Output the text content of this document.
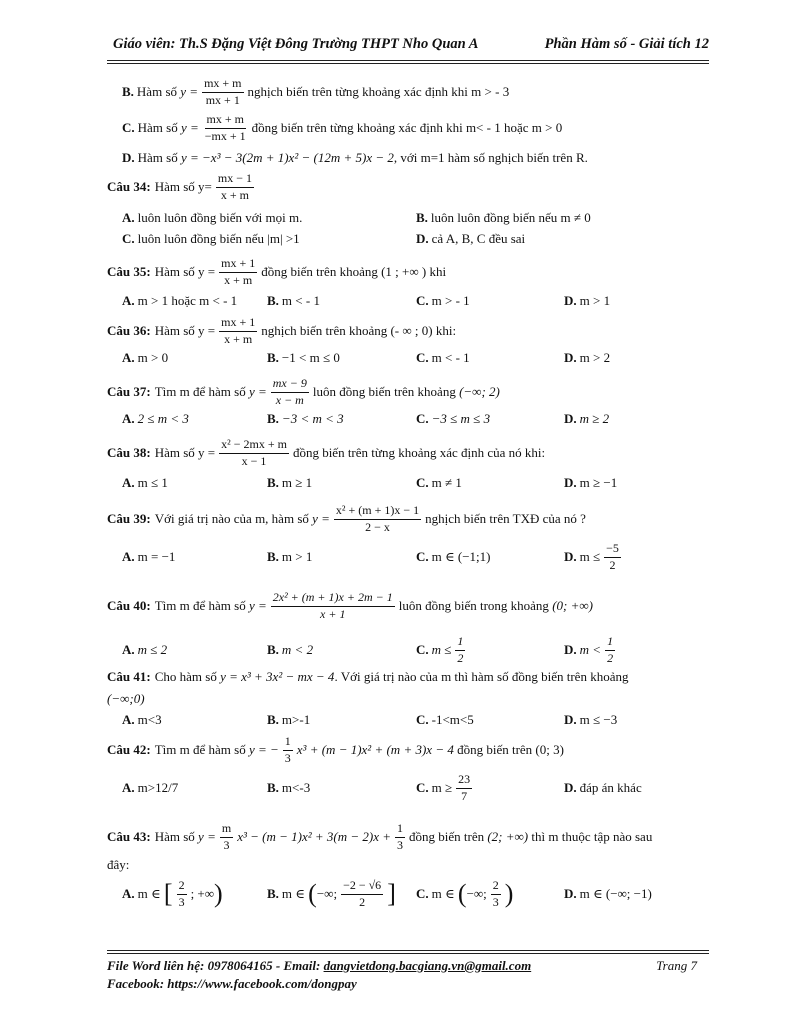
Giáo viên: Th.S Đặng Việt Đông Trường THPT Nho Quan A	Phần Hàm số - Giải tích 12
B. Hàm số
$y = \frac{mx + m}{mx + 1}$ nghịch biến trên từng khoảng xác định khi m > - 3
C. Hàm số
$y = \frac{mx + m}{-mx + 1}$ đồng biến trên từng khoảng xác định khi m< - 1 hoặc m > 0
D. Hàm số
y = −x³ − 3(2m + 1)x² − (12m + 5)x − 2 , với m=1 hàm số nghịch biến trên R.
Câu 34: Hàm số $y= \frac{mx - 1}{x + m}$
A. luôn luôn đồng biến với mọi m.	B. luôn luôn đồng biến nếu m ≠ 0
C. luôn luôn đồng biến nếu |m| >1	D. cả A, B, C đều sai
Câu 35: Hàm số $y = \frac{mx + 1}{x + m}$ đồng biến trên khoảng (1 ; +∞ ) khi
A. m > 1 hoặc m < - 1 B. m < - 1	C. m > - 1	D. m > 1
Câu 36: Hàm số $y = \frac{mx + 1}{x + m}$ nghịch biến trên khoảng (- ∞ ; 0) khi:
A. m > 0	B. −1 < m ≤ 0	C. m < - 1	D. m > 2
Câu 37: Tìm m để hàm số
$y = \frac{mx - 9}{x - m}$ luôn đồng biến trên khoảng
(−∞; 2)
A. 2 ≤ m < 3	B. −3 < m < 3	C. −3 ≤ m ≤ 3	D. m ≥ 2
Câu 38: Hàm số $y = \frac{\text{x² − 2mx + m}}{x - 1}$ đồng biến trên từng khoảng xác định của nó khi:
A. m ≤ 1	B. m ≥ 1	C. m ≠ 1	D. m ≥ −1
Câu 39: Với giá trị nào của m, hàm số
$y = \frac{\text{x² + (m + 1)x − 1}}{2 - x}$ nghịch biến trên TXĐ của nó ?
A. m = −1	B. m > 1	C. m ∈ (−1;1)	D. $m \le \frac{-5}{2}$
Câu 40: Tìm m để hàm số
$y = \frac{\text{2x² + (m + 1)x + 2m − 1}}{x + 1}$ luôn đồng biến trong khoảng
(0; +∞)
A. m ≤ 2	B. m < 2	C. $m \le \frac{1}{2}$	D. $m < \frac{1}{2}$
Câu 41: Cho hàm số
y = x³ + 3x² − mx − 4 . Với giá trị nào của m thì hàm số đồng biến trên khoảng
(−∞;0)
A. m<3	B. m>-1	C. -1<m<5	D. m ≤ −3
Câu 42: Tìm m để hàm số
y = − $\frac{1}{3} x^3 + (m - 1)x^2 + (m + 3)x - 4$
đồng biến trên (0; 3)
A. m>12/7	B. m<-3	C. $m \ge \frac{23}{7}$	D. đáp án khác
Câu 43: Hàm số
$y = \frac{m}{3} x^3 - (m - 1)x^2 + 3(m - 2)x + \frac{1}{3}$ đồng biến trên
(2; +∞)
thì m thuộc tập nào sau
đây:
A. m ∈
[ $\frac{2}{3}$ ; +∞ )	B. m ∈
( −∞; $\frac{-2 - √6}{2}$ ] C. m ∈
( −∞; $\frac{2}{3}$ )	D. m ∈ (−∞; −1)
File Word liên hệ: 0978064165 - Email: dangvietdong.bacgiang.vn@gmail.com	Trang 7
Facebook: https://www.facebook.com/dongpay
